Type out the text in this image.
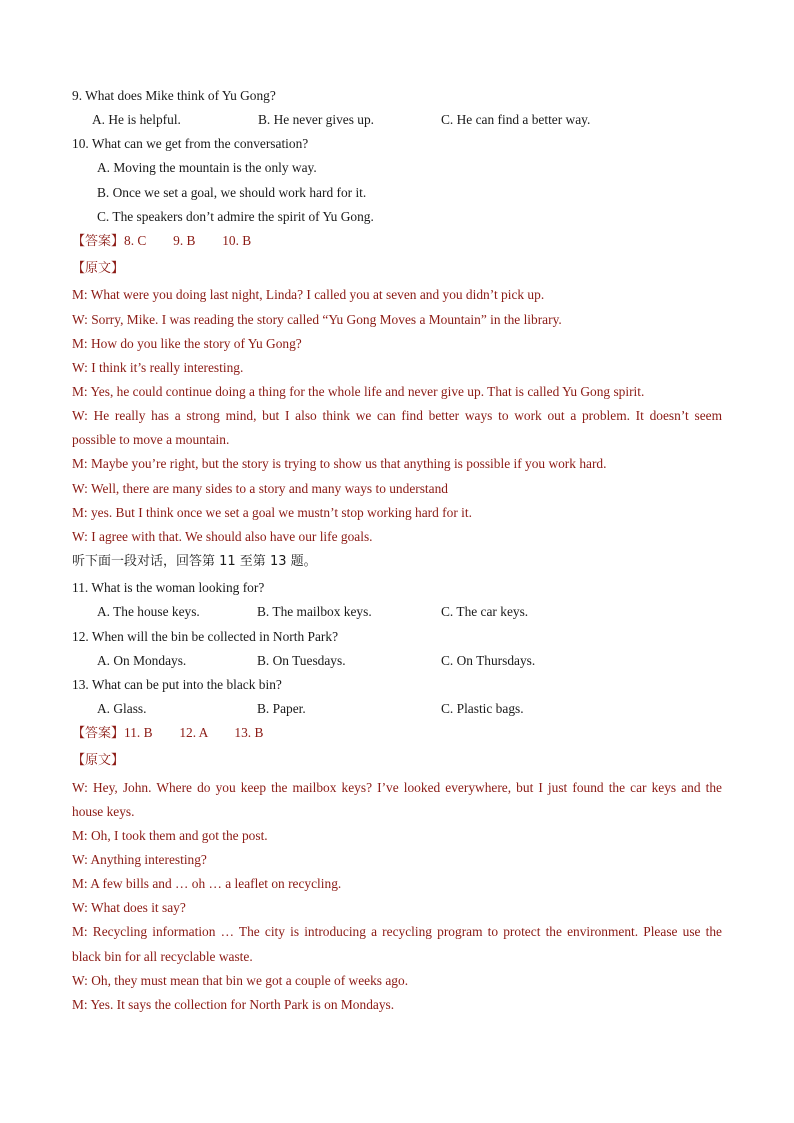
9. What does Mike think of Yu Gong?
A. He is helpful.	B. He never gives up.	C. He can find a better way.
10. What can we get from the conversation?
A. Moving the mountain is the only way.
B. Once we set a goal, we should work hard for it.
C. The speakers don’t admire the spirit of Yu Gong.
【答案】8. C        9. B        10. B
【原文】
M: What were you doing last night, Linda? I called you at seven and you didn’t pick up.
W: Sorry, Mike. I was reading the story called “Yu Gong Moves a Mountain” in the library.
M: How do you like the story of Yu Gong?
W: I think it’s really interesting.
M: Yes, he could continue doing a thing for the whole life and never give up. That is called Yu Gong spirit.
W: He really has a strong mind, but I also think we can find better ways to work out a problem. It doesn’t seem
possible to move a mountain.
M: Maybe you’re right, but the story is trying to show us that anything is possible if you work hard.
W: Well, there are many sides to a story and many ways to understand
M: yes. But I think once we set a goal we mustn’t stop working hard for it.
W: I agree with that. We should also have our life goals.
听下面一段对话，回答第 11 至第 13 题。
11. What is the woman looking for?
A. The house keys.	B. The mailbox keys.	C. The car keys.
12. When will the bin be collected in North Park?
A. On Mondays.	B. On Tuesdays.	C. On Thursdays.
13. What can be put into the black bin?
A. Glass.	B. Paper.	C. Plastic bags.
【答案】11. B        12. A        13. B
【原文】
W: Hey, John. Where do you keep the mailbox keys? I’ve looked everywhere, but I just found the car keys and the
house keys.
M: Oh, I took them and got the post.
W: Anything interesting?
M: A few bills and … oh … a leaflet on recycling.
W: What does it say?
M: Recycling information … The city is introducing a recycling program to protect the environment. Please use the
black bin for all recyclable waste.
W: Oh, they must mean that bin we got a couple of weeks ago.
M: Yes. It says the collection for North Park is on Mondays.
